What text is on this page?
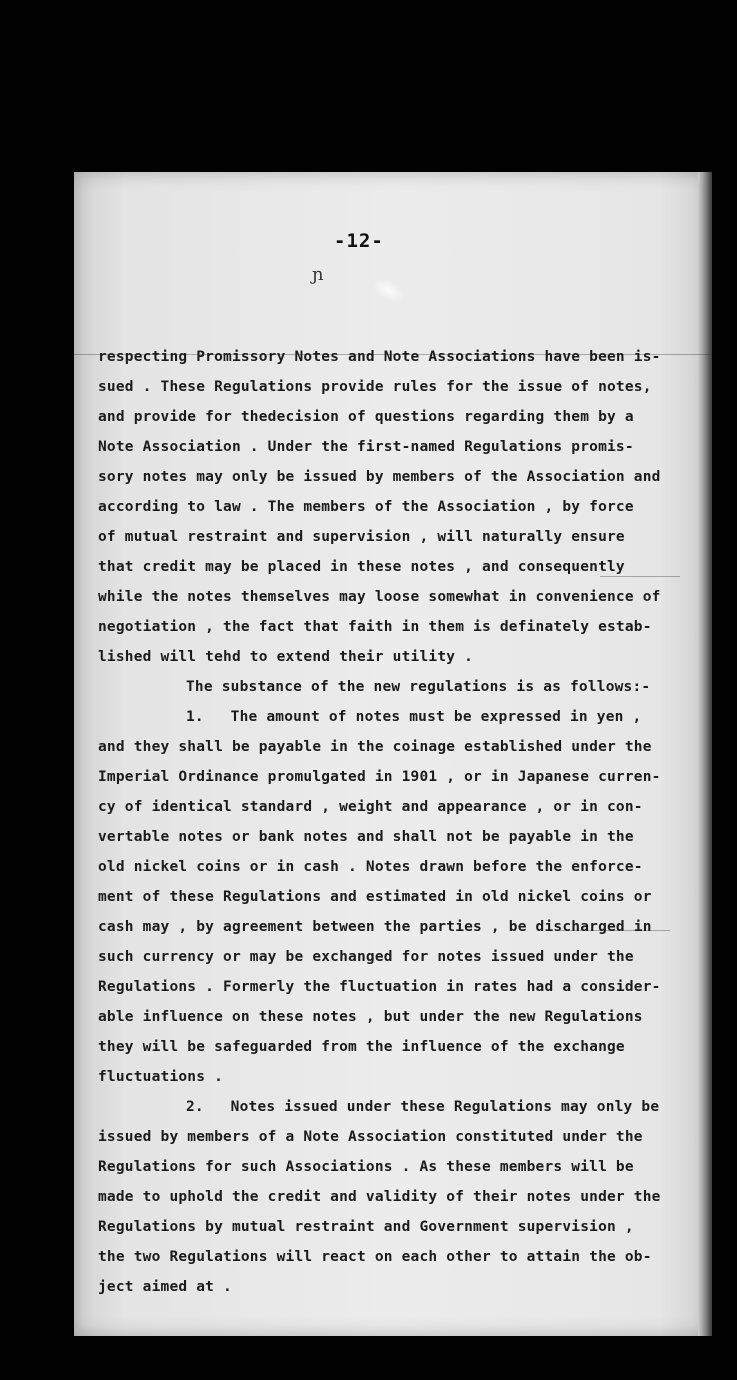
-12-
ɲ
respecting Promissory Notes and Note Associations have been is-
sued . These Regulations provide rules for the issue of notes,
and provide for thedecision of questions regarding them by a
Note Association . Under the first-named Regulations promis-
sory notes may only be issued by members of the Association and
according to law . The members of the Association , by force
of mutual restraint and supervision , will naturally ensure
that credit may be placed in these notes , and consequently
while the notes themselves may loose somewhat in convenience of
negotiation , the fact that faith in them is definately estab-
lished will tehd to extend their utility .
The substance of the new regulations is as follows:-
1.   The amount of notes must be expressed in yen ,
and they shall be payable in the coinage established under the
Imperial Ordinance promulgated in 1901 , or in Japanese curren-
cy of identical standard , weight and appearance , or in con-
vertable notes or bank notes and shall not be payable in the
old nickel coins or in cash . Notes drawn before the enforce-
ment of these Regulations and estimated in old nickel coins or
cash may , by agreement between the parties , be discharged in
such currency or may be exchanged for notes issued under the
Regulations . Formerly the fluctuation in rates had a consider-
able influence on these notes , but under the new Regulations
they will be safeguarded from the influence of the exchange
fluctuations .
2.   Notes issued under these Regulations may only be
issued by members of a Note Association constituted under the
Regulations for such Associations . As these members will be
made to uphold the credit and validity of their notes under the
Regulations by mutual restraint and Government supervision ,
the two Regulations will react on each other to attain the ob-
ject aimed at .
